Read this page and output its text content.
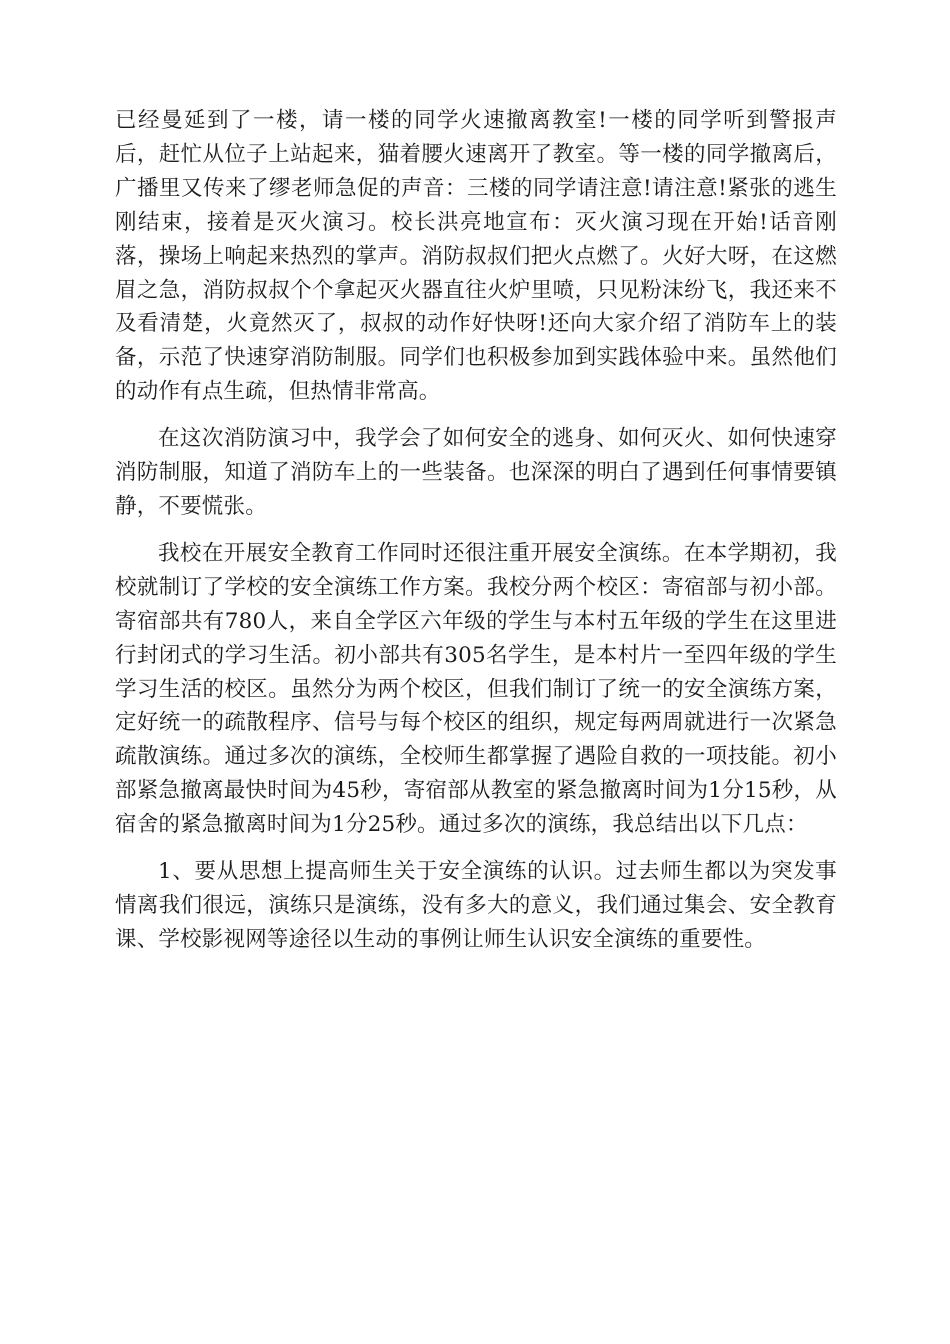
已经曼延到了一楼，请一楼的同学火速撤离教室!一楼的同学听到警报声后，赶忙从位子上站起来，猫着腰火速离开了教室。等一楼的同学撤离后，广播里又传来了缪老师急促的声音：三楼的同学请注意!请注意!紧张的逃生刚结束，接着是灭火演习。校长洪亮地宣布：灭火演习现在开始!话音刚落，操场上响起来热烈的掌声。消防叔叔们把火点燃了。火好大呀，在这燃眉之急，消防叔叔个个拿起灭火器直往火炉里喷，只见粉沫纷飞，我还来不及看清楚，火竟然灭了，叔叔的动作好快呀!还向大家介绍了消防车上的装备，示范了快速穿消防制服。同学们也积极参加到实践体验中来。虽然他们的动作有点生疏，但热情非常高。

在这次消防演习中，我学会了如何安全的逃身、如何灭火、如何快速穿消防制服，知道了消防车上的一些装备。也深深的明白了遇到任何事情要镇静，不要慌张。

我校在开展安全教育工作同时还很注重开展安全演练。在本学期初，我校就制订了学校的安全演练工作方案。我校分两个校区：寄宿部与初小部。寄宿部共有780人，来自全学区六年级的学生与本村五年级的学生在这里进行封闭式的学习生活。初小部共有305名学生，是本村片一至四年级的学生学习生活的校区。虽然分为两个校区，但我们制订了统一的安全演练方案，定好统一的疏散程序、信号与每个校区的组织，规定每两周就进行一次紧急疏散演练。通过多次的演练，全校师生都掌握了遇险自救的一项技能。初小部紧急撤离最快时间为45秒，寄宿部从教室的紧急撤离时间为1分15秒，从宿舍的紧急撤离时间为1分25秒。通过多次的演练，我总结出以下几点：

1、要从思想上提高师生关于安全演练的认识。过去师生都以为突发事情离我们很远，演练只是演练，没有多大的意义，我们通过集会、安全教育课、学校影视网等途径以生动的事例让师生认识安全演练的重要性。
